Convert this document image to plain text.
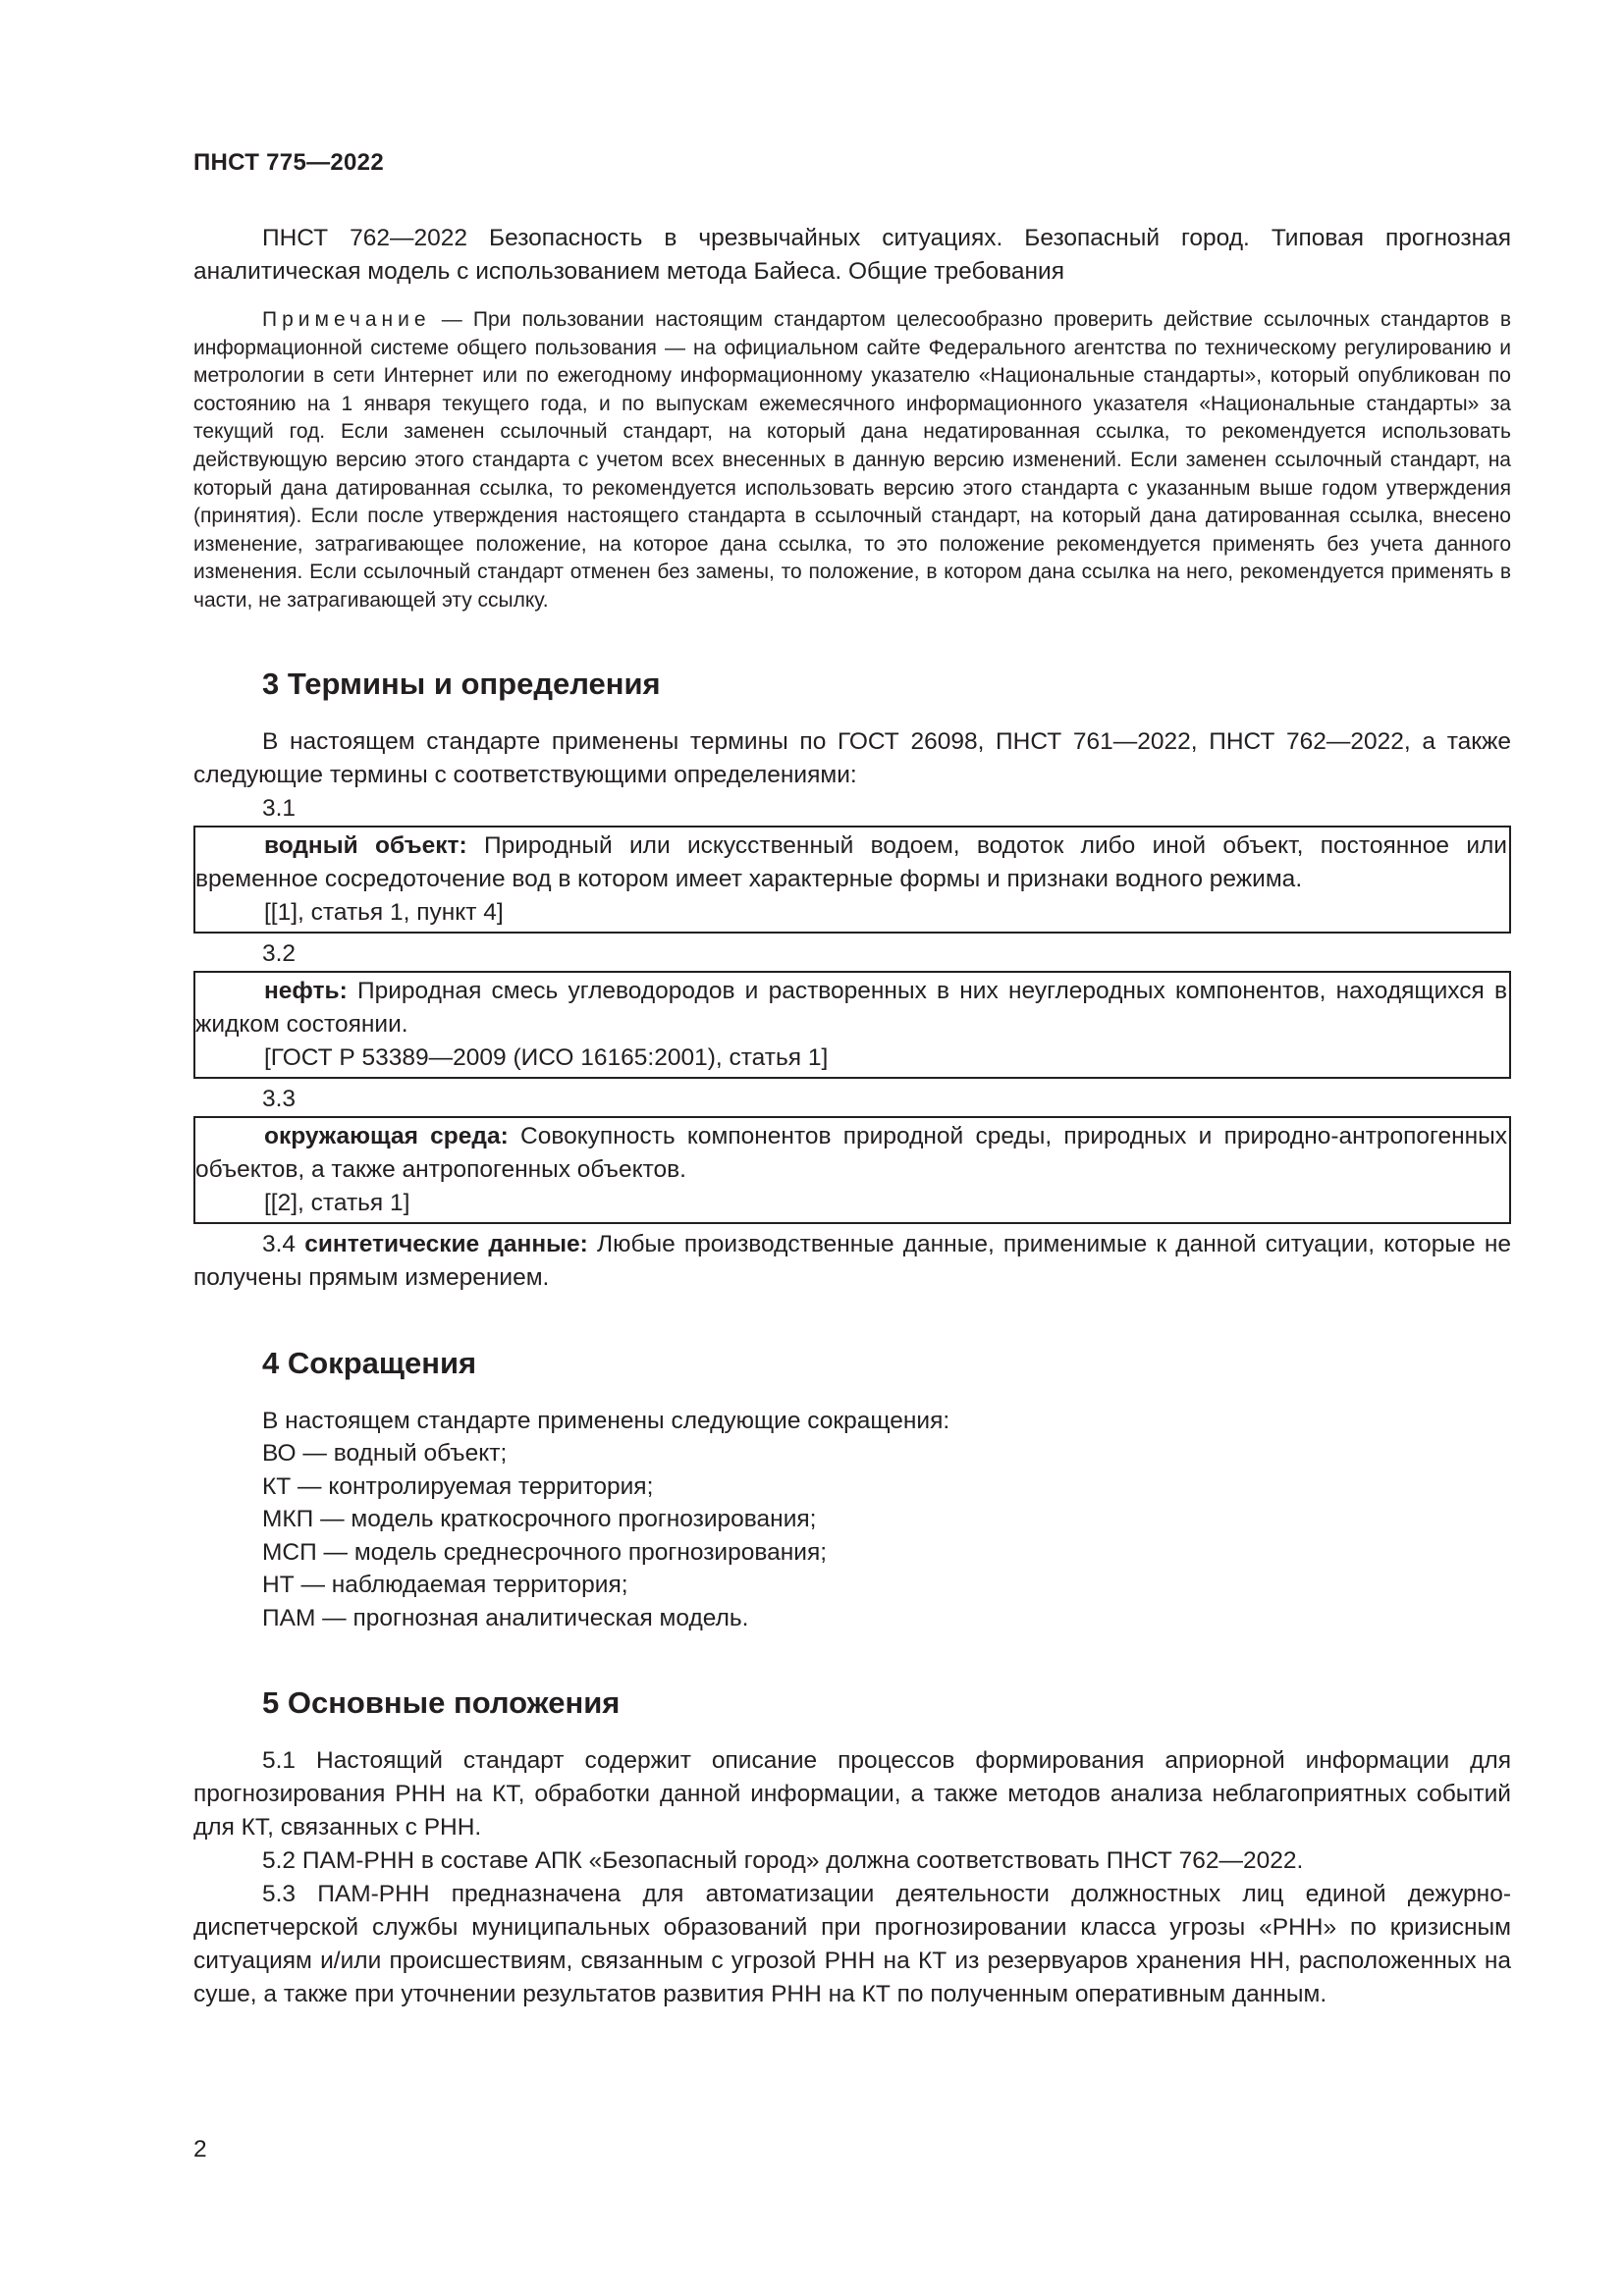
ПНСТ 775—2022

ПНСТ 762—2022 Безопасность в чрезвычайных ситуациях. Безопасный город. Типовая прогнозная аналитическая модель с использованием метода Байеса. Общие требования

Примечание — При пользовании настоящим стандартом целесообразно проверить действие ссылочных стандартов в информационной системе общего пользования — на официальном сайте Федерального агентства по техническому регулированию и метрологии в сети Интернет или по ежегодному информационному указателю «Национальные стандарты», который опубликован по состоянию на 1 января текущего года, и по выпускам ежемесячного информационного указателя «Национальные стандарты» за текущий год. Если заменен ссылочный стандарт, на который дана недатированная ссылка, то рекомендуется использовать действующую версию этого стандарта с учетом всех внесенных в данную версию изменений. Если заменен ссылочный стандарт, на который дана датированная ссылка, то рекомендуется использовать версию этого стандарта с указанным выше годом утверждения (принятия). Если после утверждения настоящего стандарта в ссылочный стандарт, на который дана датированная ссылка, внесено изменение, затрагивающее положение, на которое дана ссылка, то это положение рекомендуется применять без учета данного изменения. Если ссылочный стандарт отменен без замены, то положение, в котором дана ссылка на него, рекомендуется применять в части, не затрагивающей эту ссылку.

3 Термины и определения

В настоящем стандарте применены термины по ГОСТ 26098, ПНСТ 761—2022, ПНСТ 762—2022, а также следующие термины с соответствующими определениями:

3.1

водный объект: Природный или искусственный водоем, водоток либо иной объект, постоянное или временное сосредоточение вод в котором имеет характерные формы и признаки водного режима.

[[1], статья 1, пункт 4]
3.2

нефть: Природная смесь углеводородов и растворенных в них неуглеродных компонентов, находящихся в жидком состоянии.

[ГОСТ Р 53389—2009 (ИСО 16165:2001), статья 1]
3.3

окружающая среда: Совокупность компонентов природной среды, природных и природно-антропогенных объектов, а также антропогенных объектов.

[[2], статья 1]

3.4 синтетические данные: Любые производственные данные, применимые к данной ситуации, которые не получены прямым измерением.

4 Сокращения
В настоящем стандарте применены следующие сокращения:
ВО — водный объект;
КТ — контролируемая территория;
МКП — модель краткосрочного прогнозирования;
МСП — модель среднесрочного прогнозирования;
НТ — наблюдаемая территория;
ПАМ — прогнозная аналитическая модель.
5 Основные положения

5.1 Настоящий стандарт содержит описание процессов формирования априорной информации для прогнозирования РНН на КТ, обработки данной информации, а также методов анализа неблагоприятных событий для КТ, связанных с РНН.

5.2 ПАМ-РНН в составе АПК «Безопасный город» должна соответствовать ПНСТ 762—2022.

5.3 ПАМ-РНН предназначена для автоматизации деятельности должностных лиц единой дежурно-диспетчерской службы муниципальных образований при прогнозировании класса угрозы «РНН» по кризисным ситуациям и/или происшествиям, связанным с угрозой РНН на КТ из резервуаров хранения НН, расположенных на суше, а также при уточнении результатов развития РНН на КТ по полученным оперативным данным.

2
